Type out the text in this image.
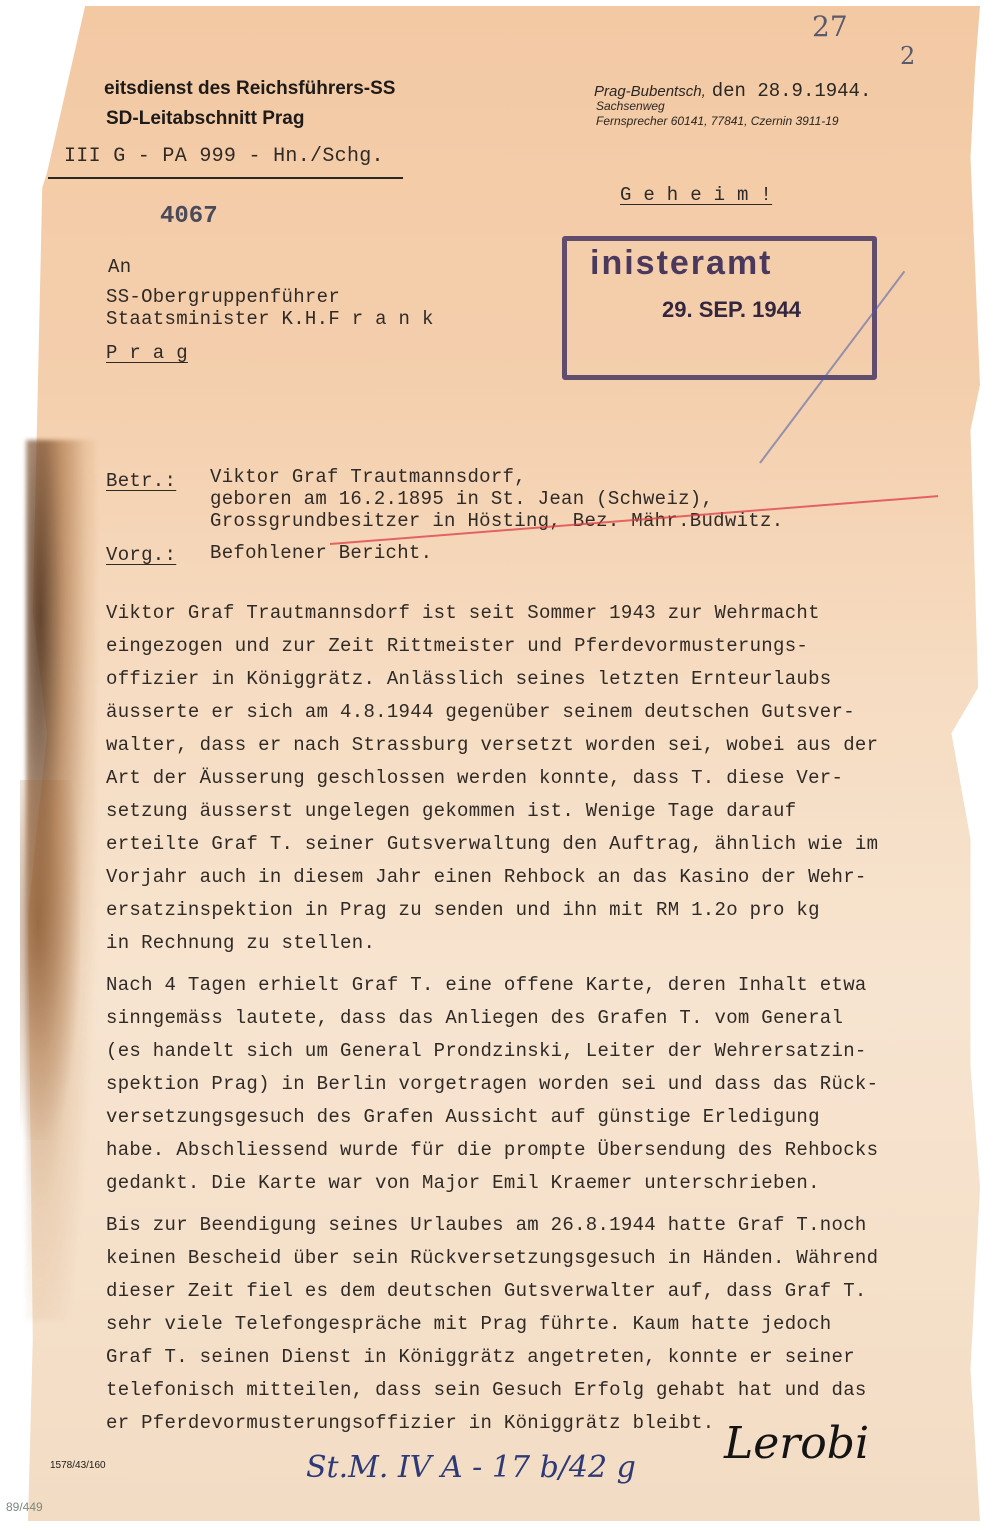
27
2
eitsdienst des Reichsführers-SS
SD-Leitabschnitt Prag
III G - PA 999 - Hn./Schg.
Prag-Bubentsch, den 28.9.1944.
Sachsenweg
Fernsprecher 60141, 77841, Czernin 3911-19
G e h e i m !
4067
inisteramt
29. SEP. 1944
An
SS-Obergruppenführer
Staatsminister K.H.F r a n k
P r a g
Betr.: Viktor Graf Trautmannsdorf,
geboren am 16.2.1895 in St. Jean (Schweiz),
Grossgrundbesitzer in Hösting, Bez. Mähr.Budwitz.
Vorg.: Befohlener Bericht.
Viktor Graf Trautmannsdorf ist seit Sommer 1943 zur Wehrmacht
eingezogen und zur Zeit Rittmeister und Pferdevormusterungs-
offizier in Königgrätz. Anlässlich seines letzten Ernteurlaubs
äusserte er sich am 4.8.1944 gegenüber seinem deutschen Gutsver-
walter, dass er nach Strassburg versetzt worden sei, wobei aus der
Art der Äusserung geschlossen werden konnte, dass T. diese Ver-
setzung äusserst ungelegen gekommen ist. Wenige Tage darauf
erteilte Graf T. seiner Gutsverwaltung den Auftrag, ähnlich wie im
Vorjahr auch in diesem Jahr einen Rehbock an das Kasino der Wehr-
ersatzinspektion in Prag zu senden und ihn mit RM 1.2o pro kg
in Rechnung zu stellen.
Nach 4 Tagen erhielt Graf T. eine offene Karte, deren Inhalt etwa
sinngemäss lautete, dass das Anliegen des Grafen T. vom General
(es handelt sich um General Prondzinski, Leiter der Wehrersatzin-
spektion Prag) in Berlin vorgetragen worden sei und dass das Rück-
versetzungsgesuch des Grafen Aussicht auf günstige Erledigung
habe. Abschliessend wurde für die prompte Übersendung des Rehbocks
gedankt. Die Karte war von Major Emil Kraemer unterschrieben.
Bis zur Beendigung seines Urlaubes am 26.8.1944 hatte Graf T.noch
keinen Bescheid über sein Rückversetzungsgesuch in Händen. Während
dieser Zeit fiel es dem deutschen Gutsverwalter auf, dass Graf T.
sehr viele Telefongespräche mit Prag führte. Kaum hatte jedoch
Graf T. seinen Dienst in Königgrätz angetreten, konnte er seiner
telefonisch mitteilen, dass sein Gesuch Erfolg gehabt hat und das
er Pferdevormusterungsoffizier in Königgrätz bleibt.
1578/43/160	St.M. IV A - 17 b/42 g Lerobi
89/449
